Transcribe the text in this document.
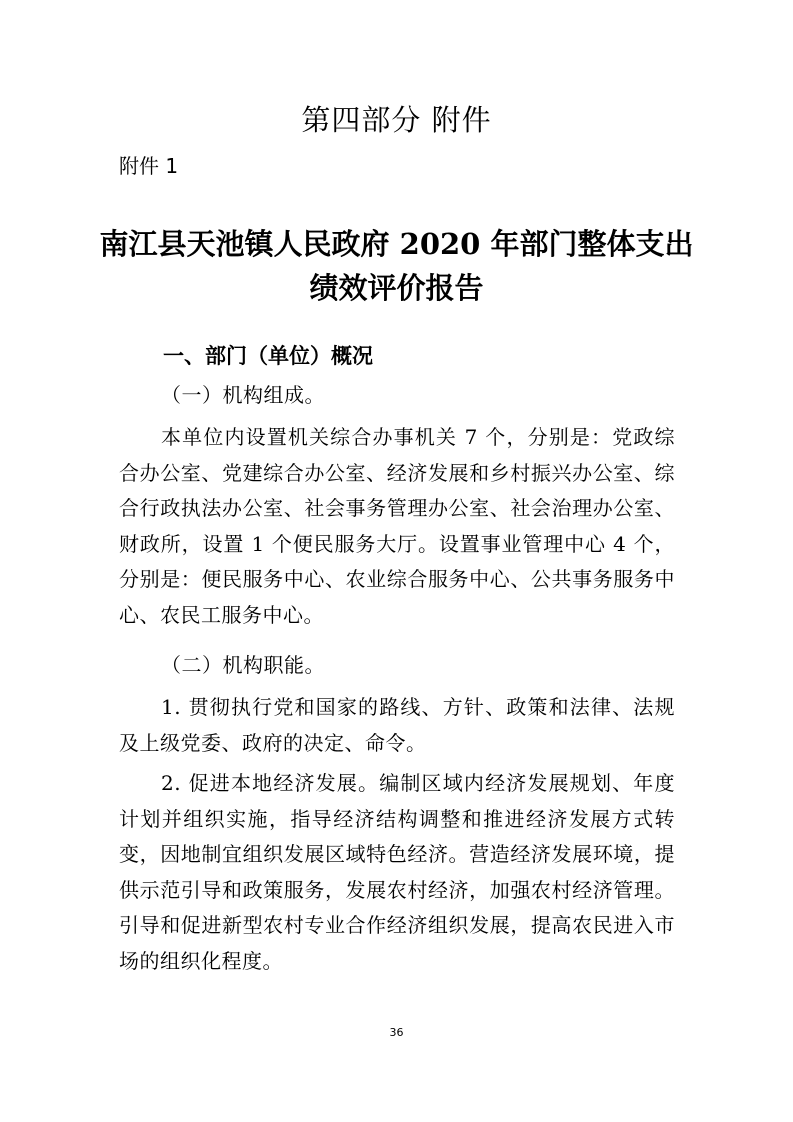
第四部分 附件
附件 1
南江县天池镇人民政府 2020 年部门整体支出
绩效评价报告
一、部门（单位）概况
（一）机构组成。
本单位内设置机关综合办事机关 7 个，分别是：党政综合办公室、党建综合办公室、经济发展和乡村振兴办公室、综合行政执法办公室、社会事务管理办公室、社会治理办公室、财政所，设置 1 个便民服务大厅。设置事业管理中心 4 个，分别是：便民服务中心、农业综合服务中心、公共事务服务中心、农民工服务中心。
（二）机构职能。
1. 贯彻执行党和国家的路线、方针、政策和法律、法规及上级党委、政府的决定、命令。
2. 促进本地经济发展。编制区域内经济发展规划、年度计划并组织实施，指导经济结构调整和推进经济发展方式转变，因地制宜组织发展区域特色经济。营造经济发展环境，提供示范引导和政策服务，发展农村经济，加强农村经济管理。引导和促进新型农村专业合作经济组织发展，提高农民进入市场的组织化程度。
36
